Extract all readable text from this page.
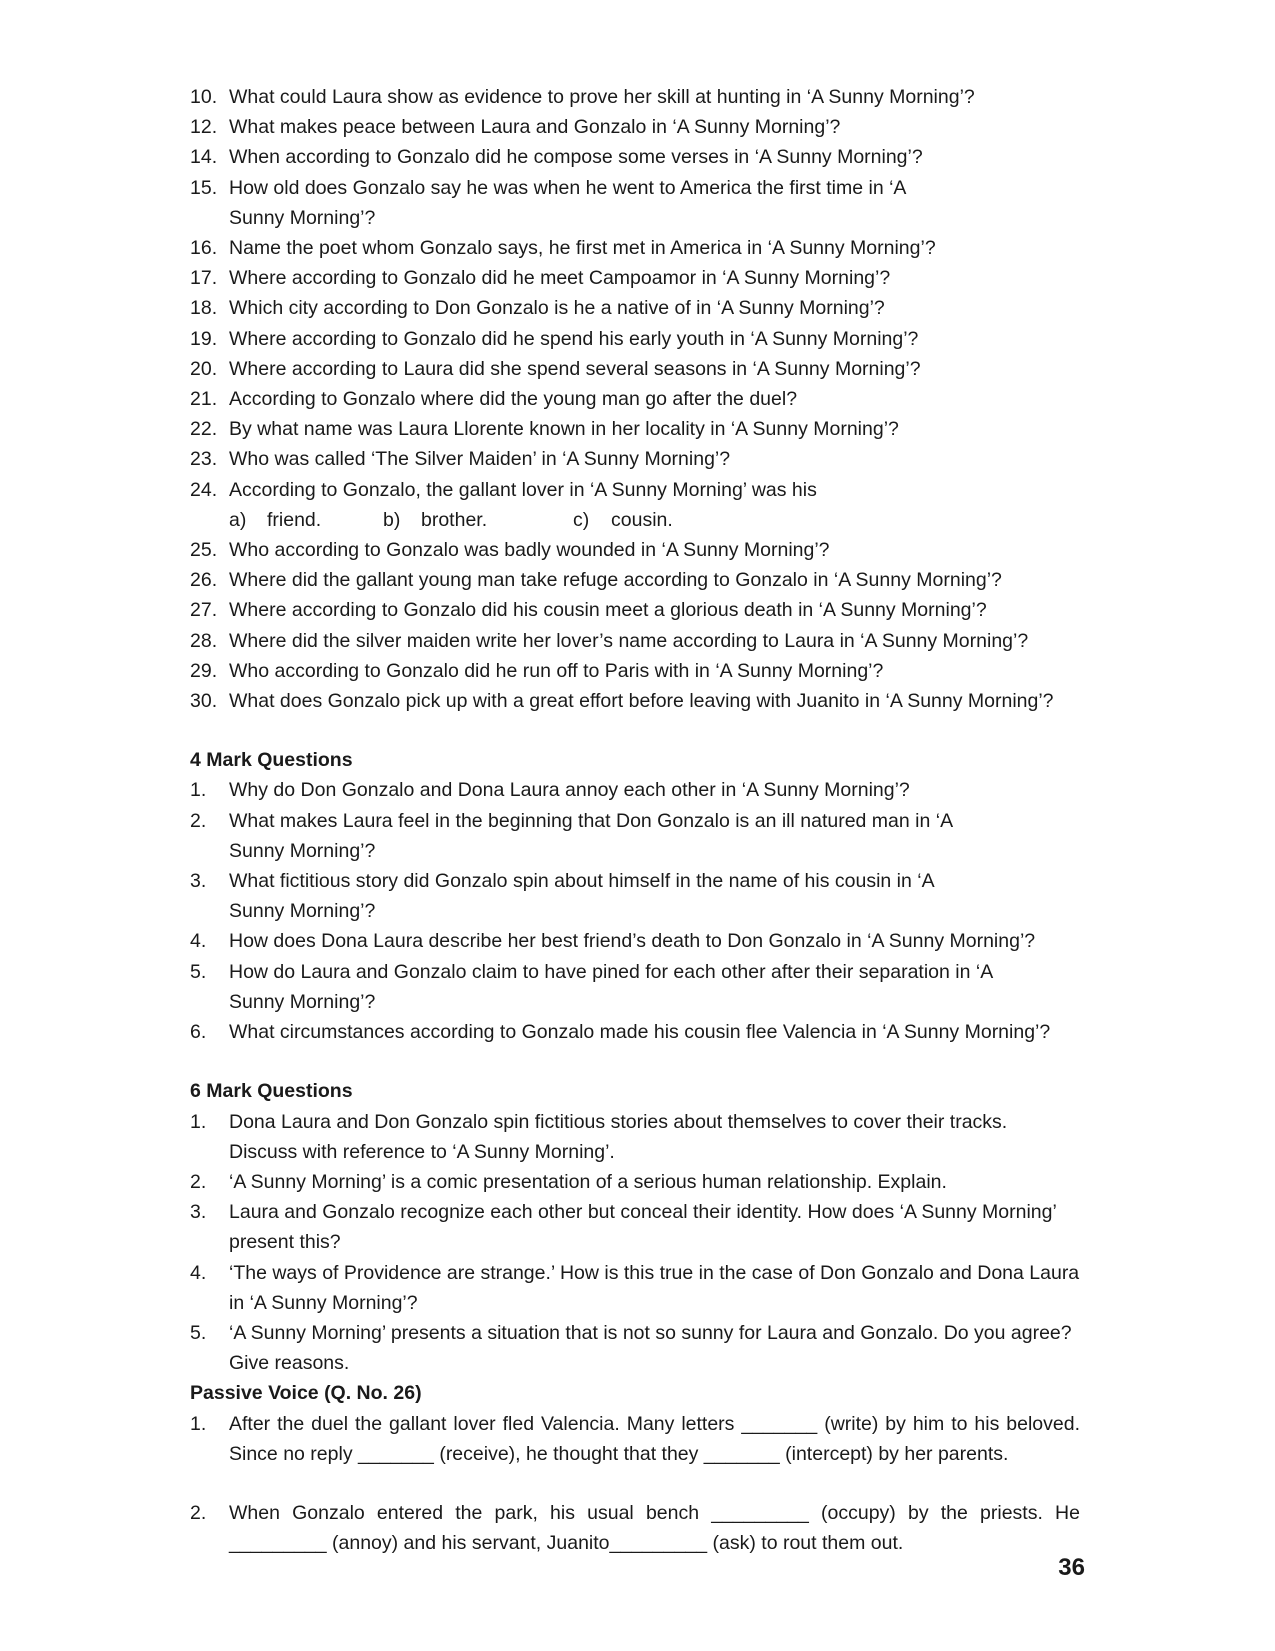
10. What could Laura show as evidence to prove her skill at hunting in ‘A Sunny Morning’?
12. What makes peace between Laura and Gonzalo in ‘A Sunny Morning’?
14. When according to Gonzalo did he compose some verses in ‘A Sunny Morning’?
15. How old does Gonzalo say he was when he went to America the first time in ‘A Sunny Morning’?
16. Name the poet whom Gonzalo says, he first met in America in ‘A Sunny Morning’?
17. Where according to Gonzalo did he meet Campoamor in ‘A Sunny Morning’?
18. Which city according to Don Gonzalo is he a native of in ‘A Sunny Morning’?
19. Where according to Gonzalo did he spend his early youth in ‘A Sunny Morning’?
20. Where according to Laura did she spend several seasons in ‘A Sunny Morning’?
21. According to Gonzalo where did the young man go after the duel?
22. By what name was Laura Llorente known in her locality in ‘A Sunny Morning’?
23. Who was called ‘The Silver Maiden’ in ‘A Sunny Morning’?
24. According to Gonzalo, the gallant lover in ‘A Sunny Morning’ was his
a)	friend.	b)	brother.	c)	cousin.
25. Who according to Gonzalo was badly wounded in ‘A Sunny Morning’?
26. Where did the gallant young man take refuge according to Gonzalo in ‘A Sunny Morning’?
27. Where according to Gonzalo did his cousin meet a glorious death in ‘A Sunny Morning’?
28. Where did the silver maiden write her lover’s name according to Laura in ‘A Sunny Morning’?
29. Who according to Gonzalo did he run off to Paris with in ‘A Sunny Morning’?
30. What does Gonzalo pick up with a great effort before leaving with Juanito in ‘A Sunny Morning’?
4 Mark Questions
1.	Why do Don Gonzalo and Dona Laura annoy each other in ‘A Sunny Morning’?
2.	What makes Laura feel in the beginning that Don Gonzalo is an ill natured man in ‘A Sunny Morning’?
3.	What fictitious story did Gonzalo spin about himself in the name of his cousin in ‘A Sunny Morning’?
4.	How does Dona Laura describe her best friend’s death to Don Gonzalo in ‘A Sunny Morning’?
5.	How do Laura and Gonzalo claim to have pined for each other after their separation in ‘A Sunny Morning’?
6.	What circumstances according to Gonzalo made his cousin flee Valencia in ‘A Sunny Morning’?
6 Mark Questions
1.	Dona Laura and Don Gonzalo spin fictitious stories about themselves to cover their tracks. Discuss with reference to ‘A Sunny Morning’.
2.	‘A Sunny Morning’ is a comic presentation of a serious human relationship. Explain.
3.	Laura and Gonzalo recognize each other but conceal their identity. How does ‘A Sunny Morning’ present this?
4.	‘The ways of Providence are strange.’ How is this true in the case of Don Gonzalo and Dona Laura in ‘A Sunny Morning’?
5.	‘A Sunny Morning’ presents a situation that is not so sunny for Laura and Gonzalo. Do you agree? Give reasons.
Passive Voice (Q. No. 26)
1.	After the duel the gallant lover fled Valencia. Many letters _______ (write) by him to his beloved. Since no reply _______ (receive), he thought that they _______ (intercept) by her parents.
2.	When Gonzalo entered the park, his usual bench _________ (occupy) by the priests. He _________ (annoy) and his servant, Juanito_________ (ask) to rout them out.
36
